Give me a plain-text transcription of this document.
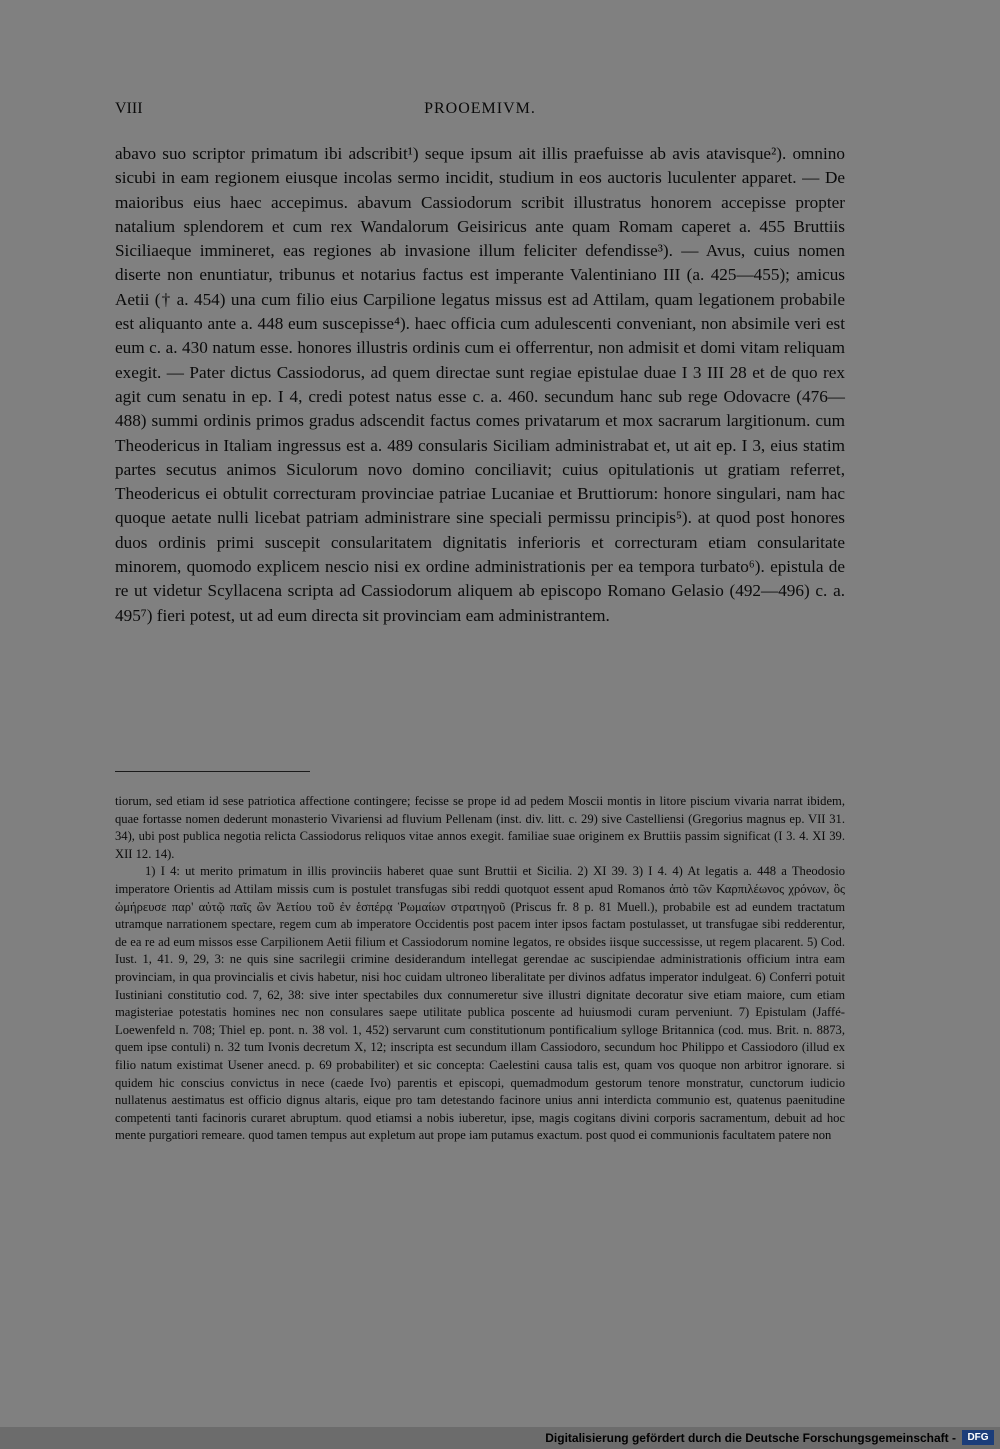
VIII	PROOEMIVM.

abavo suo scriptor primatum ibi adscribit¹) seque ipsum ait illis praefuisse ab avis atavisque²). omnino sicubi in eam regionem eiusque incolas sermo incidit, studium in eos auctoris luculenter apparet. — De maioribus eius haec accepimus. abavum Cassiodorum scribit illustratus honorem accepisse propter natalium splendorem et cum rex Wandalorum Geisiricus ante quam Romam caperet a. 455 Bruttiis Siciliaeque immineret, eas regiones ab invasione illum feliciter defendisse³). — Avus, cuius nomen diserte non enuntiatur, tribunus et notarius factus est imperante Valentiniano III (a. 425—455); amicus Aetii († a. 454) una cum filio eius Carpilione legatus missus est ad Attilam, quam legationem probabile est aliquanto ante a. 448 eum suscepisse⁴). haec officia cum adulescenti conveniant, non absimile veri est eum c. a. 430 natum esse. honores illustris ordinis cum ei offerrentur, non admisit et domi vitam reliquam exegit. — Pater dictus Cassiodorus, ad quem directae sunt regiae epistulae duae I 3 III 28 et de quo rex agit cum senatu in ep. I 4, credi potest natus esse c. a. 460. secundum hanc sub rege Odovacre (476—488) summi ordinis primos gradus adscendit factus comes privatarum et mox sacrarum largitionum. cum Theodericus in Italiam ingressus est a. 489 consularis Siciliam administrabat et, ut ait ep. I 3, eius statim partes secutus animos Siculorum novo domino conciliavit; cuius opitulationis ut gratiam referret, Theodericus ei obtulit correcturam provinciae patriae Lucaniae et Bruttiorum: honore singulari, nam hac quoque aetate nulli licebat patriam administrare sine speciali permissu principis⁵). at quod post honores duos ordinis primi suscepit consularitatem dignitatis inferioris et correcturam etiam consularitate minorem, quomodo explicem nescio nisi ex ordine administrationis per ea tempora turbato⁶). epistula de re ut videtur Scyllacena scripta ad Cassiodorum aliquem ab episcopo Romano Gelasio (492—496) c. a. 495⁷) fieri potest, ut ad eum directa sit provinciam eam administrantem.

tiorum, sed etiam id sese patriotica affectione contingere; fecisse se prope id ad pedem Moscii montis in litore piscium vivaria narrat ibidem, quae fortasse nomen dederunt monasterio Vivariensi ad fluvium Pellenam (inst. div. litt. c. 29) sive Castelliensi (Gregorius magnus ep. VII 31. 34), ubi post publica negotia relicta Cassiodorus reliquos vitae annos exegit. familiae suae originem ex Bruttiis passim significat (I 3. 4. XI 39. XII 12. 14).

1) I 4: ut merito primatum in illis provinciis haberet quae sunt Bruttii et Sicilia. 2) XI 39. 3) I 4. 4) At legatis a. 448 a Theodosio imperatore Orientis ad Attilam missis cum is postulet transfugas sibi reddi quotquot essent apud Romanos ἀπὸ τῶν Καρπιλέωνος χρόνων, ὃς ὡμήρευσε παρ' αὐτῷ παῖς ὢν Ἀετίου τοῦ ἐν ἑσπέρᾳ Ῥωμαίων στρατηγοῦ (Priscus fr. 8 p. 81 Muell.), probabile est ad eundem tractatum utramque narrationem spectare, regem cum ab imperatore Occidentis post pacem inter ipsos factam postulasset, ut transfugae sibi redderentur, de ea re ad eum missos esse Carpilionem Aetii filium et Cassiodorum nomine legatos, re obsides iisque successisse, ut regem placarent. 5) Cod. Iust. 1, 41. 9, 29, 3: ne quis sine sacrilegii crimine desiderandum intellegat gerendae ac suscipiendae administrationis officium intra eam provinciam, in qua provincialis et civis habetur, nisi hoc cuidam ultroneo liberalitate per divinos adfatus imperator indulgeat. 6) Conferri potuit Iustiniani constitutio cod. 7, 62, 38: sive inter spectabiles dux connumeretur sive illustri dignitate decoratur sive etiam maiore, cum etiam magisteriae potestatis homines nec non consulares saepe utilitate publica poscente ad huiusmodi curam perveniunt. 7) Epistulam (Jaffé-Loewenfeld n. 708; Thiel ep. pont. n. 38 vol. 1, 452) servarunt cum constitutionum pontificalium sylloge Britannica (cod. mus. Brit. n. 8873, quem ipse contuli) n. 32 tum Ivonis decretum X, 12; inscripta est secundum illam Cassiodoro, secundum hoc Philippo et Cassiodoro (illud ex filio natum existimat Usener anecd. p. 69 probabiliter) et sic concepta: Caelestini causa talis est, quam vos quoque non arbitror ignorare. si quidem hic conscius convictus in nece (caede Ivo) parentis et episcopi, quemadmodum gestorum tenore monstratur, cunctorum iudicio nullatenus aestimatus est officio dignus altaris, eique pro tam detestando facinore unius anni interdicta communio est, quatenus paenitudine competenti tanti facinoris curaret abruptum. quod etiamsi a nobis iuberetur, ipse, magis cogitans divini corporis sacramentum, debuit ad hoc mente purgatiori remeare. quod tamen tempus aut expletum aut prope iam putamus exactum. post quod ei communionis facultatem patere non

Digitalisierung gefördert durch die Deutsche Forschungsgemeinschaft -	DFG
